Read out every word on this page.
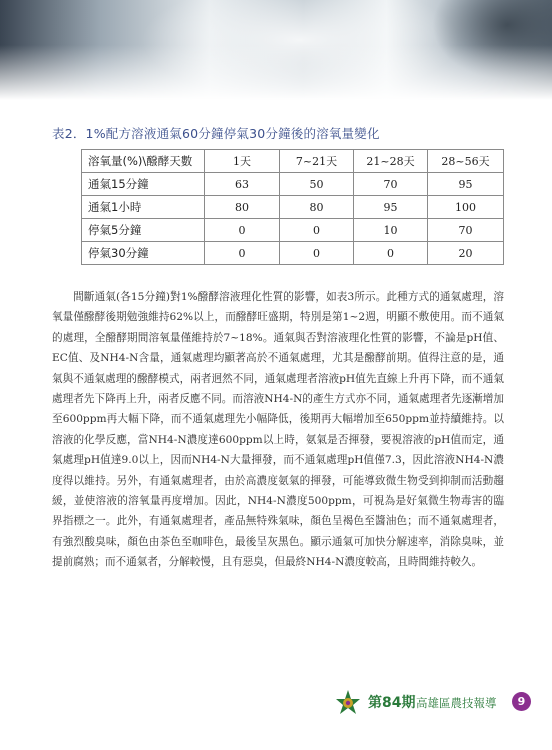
表2．1%配方溶液通氣60分鐘停氣30分鐘後的溶氧量變化
溶氧量(%)\醱酵天數	1天	7~21天	21~28天	28~56天
通氣15分鐘	63	50	70	95
通氣1小時	80	80	95	100
停氣5分鐘	0	0	10	70
停氣30分鐘	0	0	0	20

間斷通氣(各15分鐘)對1%醱酵溶液理化性質的影響，如表3所示。此種方式的通氣處理，溶氧量僅醱酵後期勉強維持62%以上，而醱酵旺盛期，特別是第1~2週，明顯不敷使用。而不通氣的處理，全醱酵期間溶氧量僅維持於7~18%。通氣與否對溶液理化性質的影響，不論是pH值、EC值、及NH4-N含量，通氣處理均顯著高於不通氣處理，尤其是醱酵前期。值得注意的是，通氣與不通氣處理的醱酵模式，兩者迥然不同，通氣處理者溶液pH值先直線上升再下降，而不通氣處理者先下降再上升，兩者反應不同。而溶液NH4-N的產生方式亦不同，通氣處理者先逐漸增加至600ppm再大幅下降，而不通氣處理先小幅降低，後期再大幅增加至650ppm並持續維持。以溶液的化學反應，當NH4-N濃度達600ppm以上時，氨氣是否揮發，要視溶液的pH值而定，通氣處理pH值達9.0以上，因而NH4-N大量揮發，而不通氣處理pH值僅7.3，因此溶液NH4-N濃度得以維持。另外，有通氣處理者，由於高濃度氨氣的揮發，可能導致微生物受到抑制而活動趨緩，並使溶液的溶氧量再度增加。因此，NH4-N濃度500ppm，可視為是好氣微生物毒害的臨界指標之一。此外，有通氣處理者，產品無特殊氣味，顏色呈褐色至醬油色；而不通氣處理者，有強烈酸臭味，顏色由茶色至咖啡色，最後呈灰黑色。顯示通氣可加快分解速率，消除臭味，並提前腐熟；而不通氣者，分解較慢，且有惡臭，但最終NH4-N濃度較高，且時間維持較久。

第84期 高雄區農技報導	9
